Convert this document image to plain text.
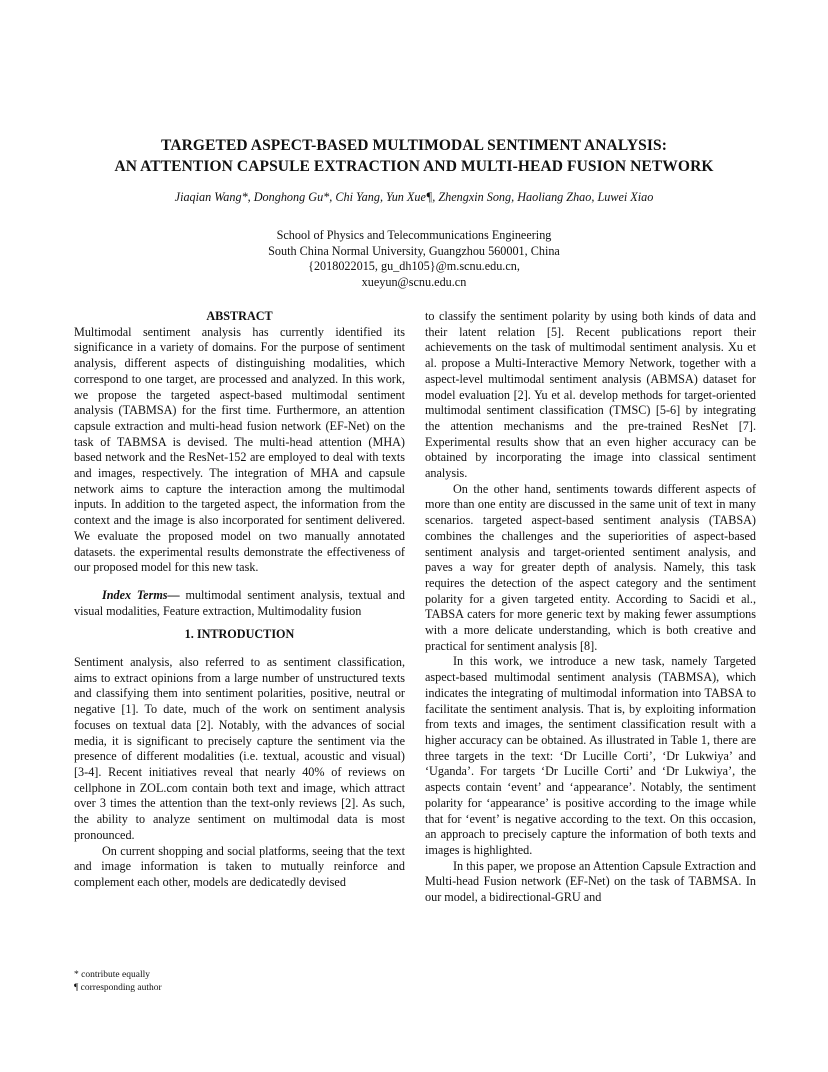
TARGETED ASPECT-BASED MULTIMODAL SENTIMENT ANALYSIS:
AN ATTENTION CAPSULE EXTRACTION AND MULTI-HEAD FUSION NETWORK
Jiaqian Wang*, Donghong Gu*, Chi Yang, Yun Xue¶, Zhengxin Song, Haoliang Zhao, Luwei Xiao
School of Physics and Telecommunications Engineering
South China Normal University, Guangzhou 560001, China
{2018022015, gu_dh105}@m.scnu.edu.cn,
xueyun@scnu.edu.cn

ABSTRACT

Multimodal sentiment analysis has currently identified its significance in a variety of domains. For the purpose of sentiment analysis, different aspects of distinguishing modalities, which correspond to one target, are processed and analyzed. In this work, we propose the targeted aspect-based multimodal sentiment analysis (TABMSA) for the first time. Furthermore, an attention capsule extraction and multi-head fusion network (EF-Net) on the task of TABMSA is devised. The multi-head attention (MHA) based network and the ResNet-152 are employed to deal with texts and images, respectively. The integration of MHA and capsule network aims to capture the interaction among the multimodal inputs. In addition to the targeted aspect, the information from the context and the image is also incorporated for sentiment delivered. We evaluate the proposed model on two manually annotated datasets. the experimental results demonstrate the effectiveness of our proposed model for this new task.

Index Terms— multimodal sentiment analysis, textual and visual modalities, Feature extraction, Multimodality fusion

1. INTRODUCTION

Sentiment analysis, also referred to as sentiment classification, aims to extract opinions from a large number of unstructured texts and classifying them into sentiment polarities, positive, neutral or negative [1]. To date, much of the work on sentiment analysis focuses on textual data [2]. Notably, with the advances of social media, it is significant to precisely capture the sentiment via the presence of different modalities (i.e. textual, acoustic and visual) [3-4]. Recent initiatives reveal that nearly 40% of reviews on cellphone in ZOL.com contain both text and image, which attract over 3 times the attention than the text-only reviews [2]. As such, the ability to analyze sentiment on multimodal data is most pronounced.

On current shopping and social platforms, seeing that the text and image information is taken to mutually reinforce and complement each other, models are dedicatedly devised

to classify the sentiment polarity by using both kinds of data and their latent relation [5]. Recent publications report their achievements on the task of multimodal sentiment analysis. Xu et al. propose a Multi-Interactive Memory Network, together with a aspect-level multimodal sentiment analysis (ABMSA) dataset for model evaluation [2]. Yu et al. develop methods for target-oriented multimodal sentiment classification (TMSC) [5-6] by integrating the attention mechanisms and the pre-trained ResNet [7]. Experimental results show that an even higher accuracy can be obtained by incorporating the image into classical sentiment analysis.

On the other hand, sentiments towards different aspects of more than one entity are discussed in the same unit of text in many scenarios. targeted aspect-based sentiment analysis (TABSA) combines the challenges and the superiorities of aspect-based sentiment analysis and target-oriented sentiment analysis, and paves a way for greater depth of analysis. Namely, this task requires the detection of the aspect category and the sentiment polarity for a given targeted entity. According to Sacidi et al., TABSA caters for more generic text by making fewer assumptions with a more delicate understanding, which is both creative and practical for sentiment analysis [8].

In this work, we introduce a new task, namely Targeted aspect-based multimodal sentiment analysis (TABMSA), which indicates the integrating of multimodal information into TABSA to facilitate the sentiment analysis. That is, by exploiting information from texts and images, the sentiment classification result with a higher accuracy can be obtained. As illustrated in Table 1, there are three targets in the text: ‘Dr Lucille Corti’, ‘Dr Lukwiya’ and ‘Uganda’. For targets ‘Dr Lucille Corti’ and ‘Dr Lukwiya’, the aspects contain ‘event’ and ‘appearance’. Notably, the sentiment polarity for ‘appearance’ is positive according to the image while that for ‘event’ is negative according to the text. On this occasion, an approach to precisely capture the information of both texts and images is highlighted.

In this paper, we propose an Attention Capsule Extraction and Multi-head Fusion network (EF-Net) on the task of TABMSA. In our model, a bidirectional-GRU and

* contribute equally
¶ corresponding author
